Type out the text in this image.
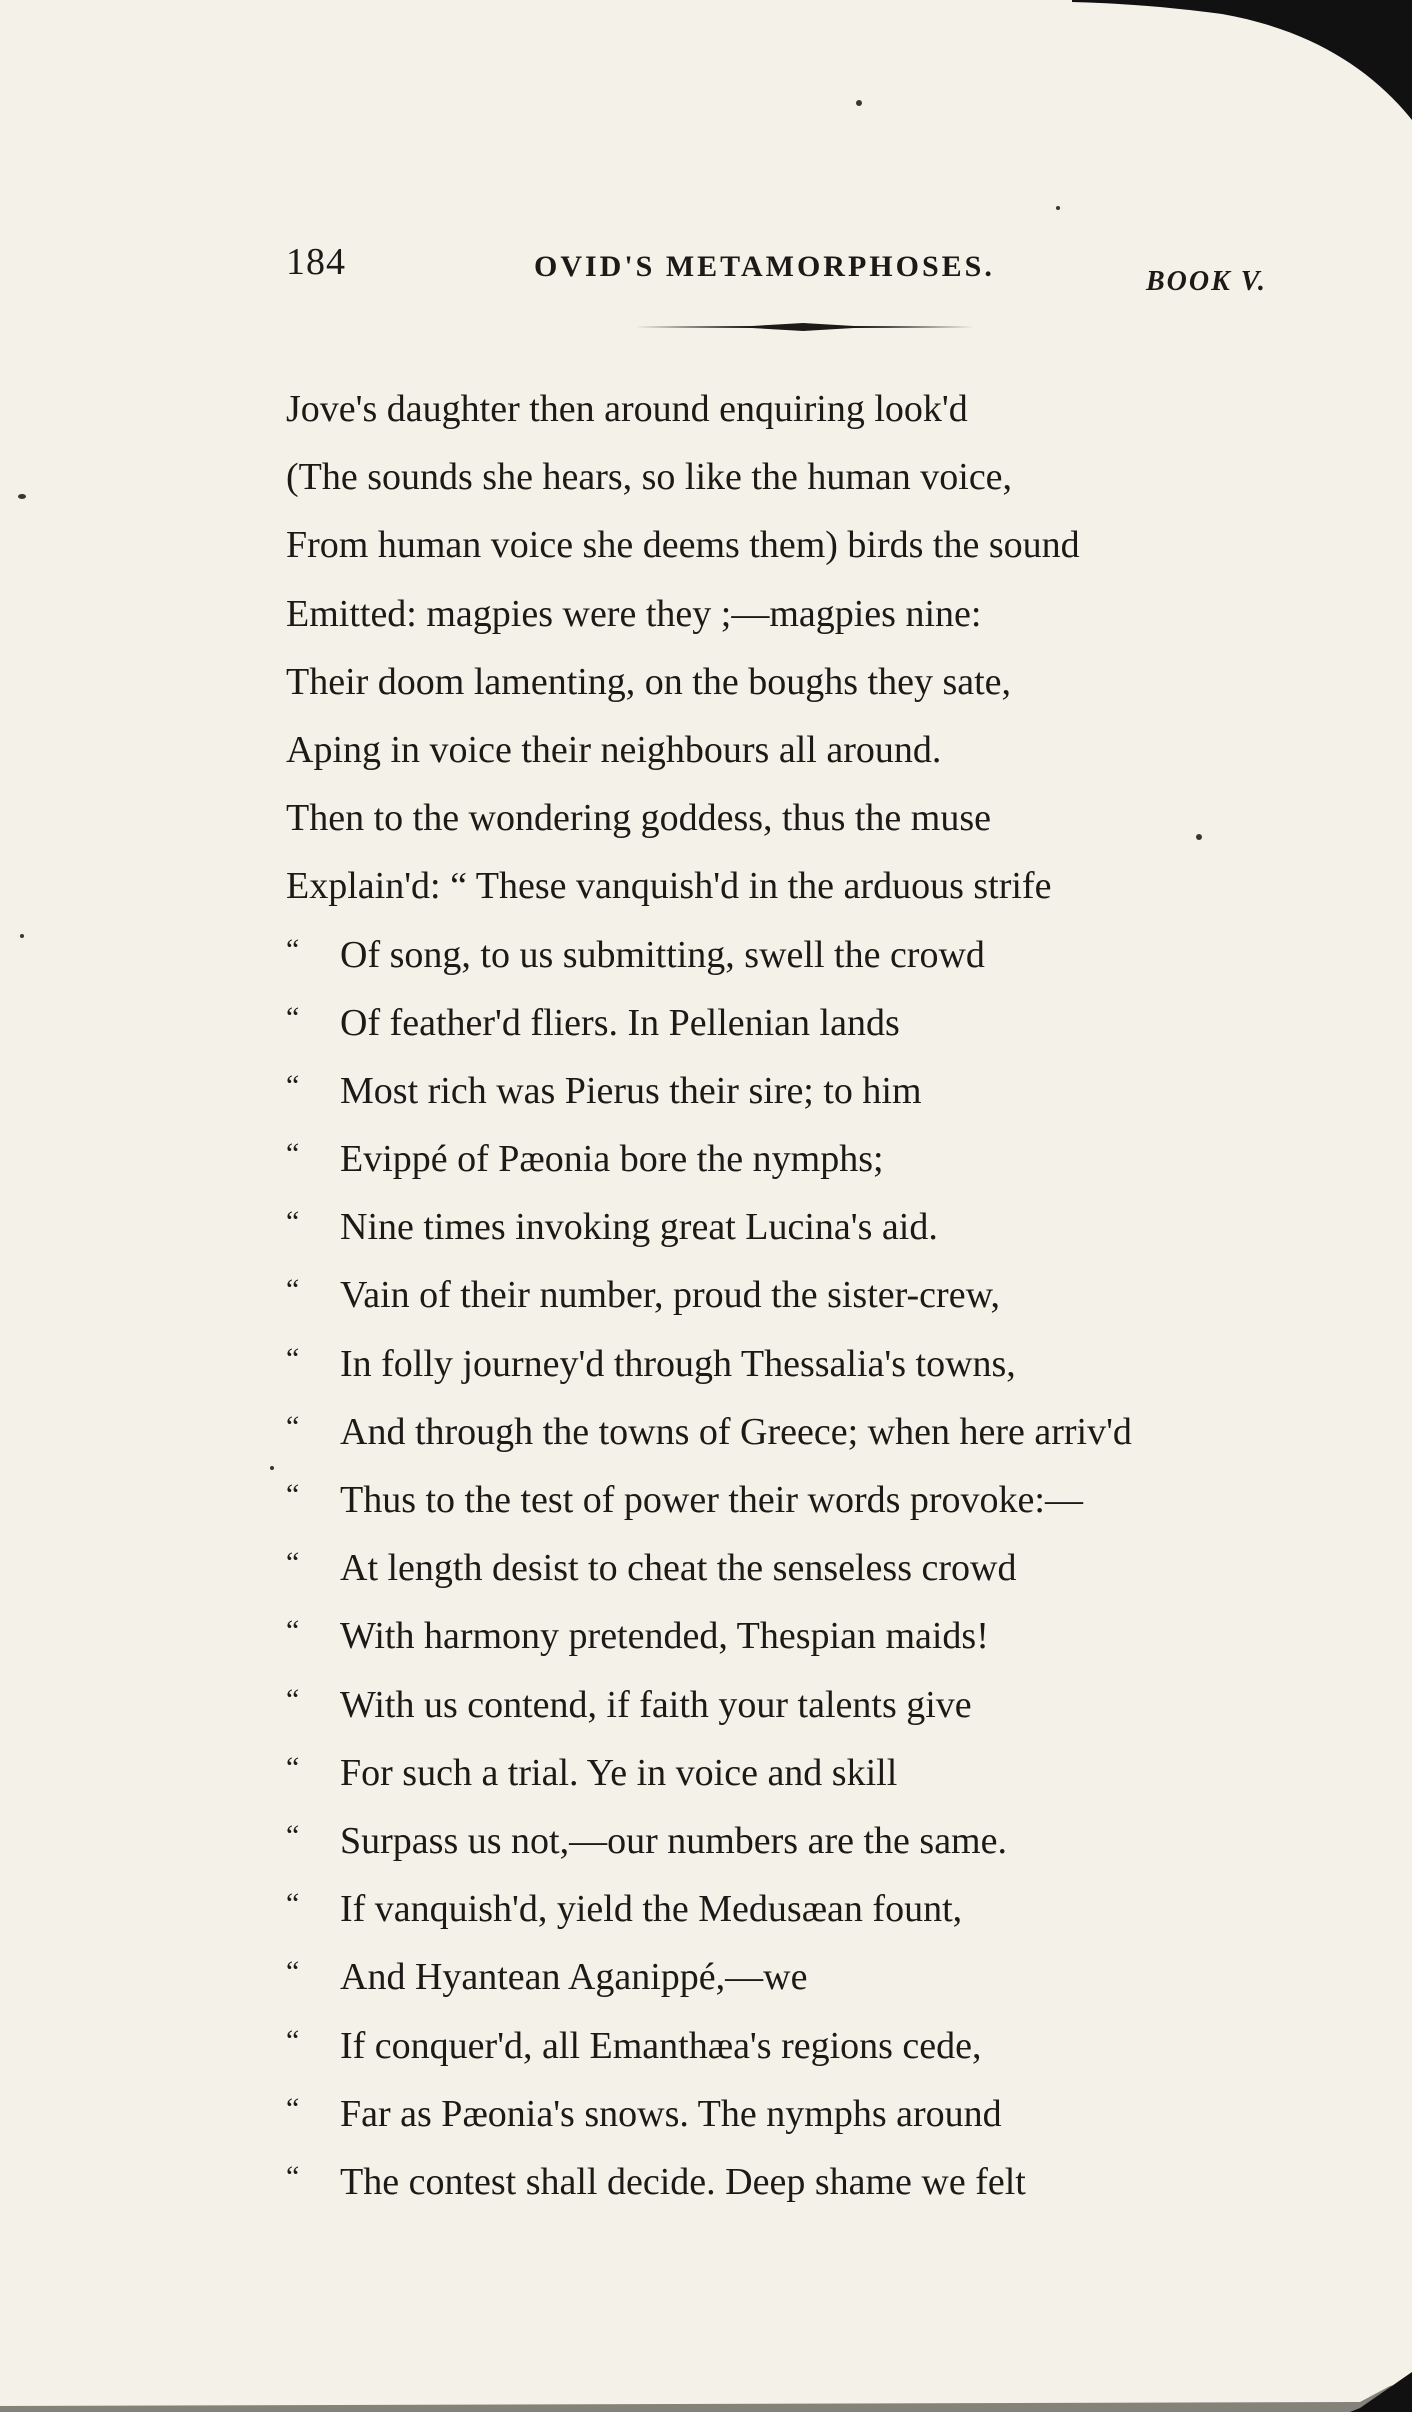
184	OVID'S METAMORPHOSES.	BOOK V.
Jove's daughter then around enquiring look'd
(The sounds she hears, so like the human voice,
From human voice she deems them) birds the sound
Emitted: magpies were they ;—magpies nine:
Their doom lamenting, on the boughs they sate,
Aping in voice their neighbours all around.
Then to the wondering goddess, thus the muse
Explain'd: “ These vanquish'd in the arduous strife
“ Of song, to us submitting, swell the crowd
“ Of feather'd fliers. In Pellenian lands
“ Most rich was Pierus their sire; to him
“ Evippé of Pæonia bore the nymphs;
“ Nine times invoking great Lucina's aid.
“ Vain of their number, proud the sister-crew,
“ In folly journey'd through Thessalia's towns,
“ And through the towns of Greece; when here arriv'd
“ Thus to the test of power their words provoke:—
“ At length desist to cheat the senseless crowd
“ With harmony pretended, Thespian maids!
“ With us contend, if faith your talents give
“ For such a trial. Ye in voice and skill
“ Surpass us not,—our numbers are the same.
“ If vanquish'd, yield the Medusæan fount,
“ And Hyantean Aganippé,—we
“ If conquer'd, all Emanthæa's regions cede,
“ Far as Pæonia's snows. The nymphs around
“ The contest shall decide. Deep shame we felt
